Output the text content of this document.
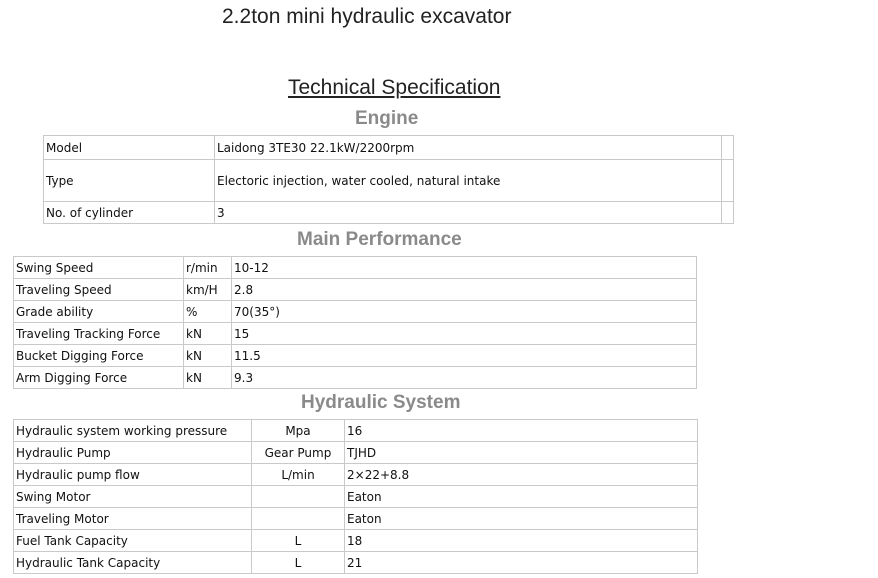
2.2ton mini hydraulic excavator
Technical Specification
Engine
Model	Laidong 3TE30 22.1kW/2200rpm	
Type	Electoric injection, water cooled, natural intake	
No. of cylinder	3	
Main Performance
Swing Speed	r/min	10-12
Traveling Speed	km/H	2.8
Grade ability	%	70(35°)
Traveling Tracking Force	kN	15
Bucket Digging Force	kN	11.5
Arm Digging Force	kN	9.3
Hydraulic System
Hydraulic system working pressure	Mpa	16
Hydraulic Pump	Gear Pump	TJHD
Hydraulic pump flow	L/min	2×22+8.8
Swing Motor		Eaton
Traveling Motor		Eaton
Fuel Tank Capacity	L	18
Hydraulic Tank Capacity	L	21
